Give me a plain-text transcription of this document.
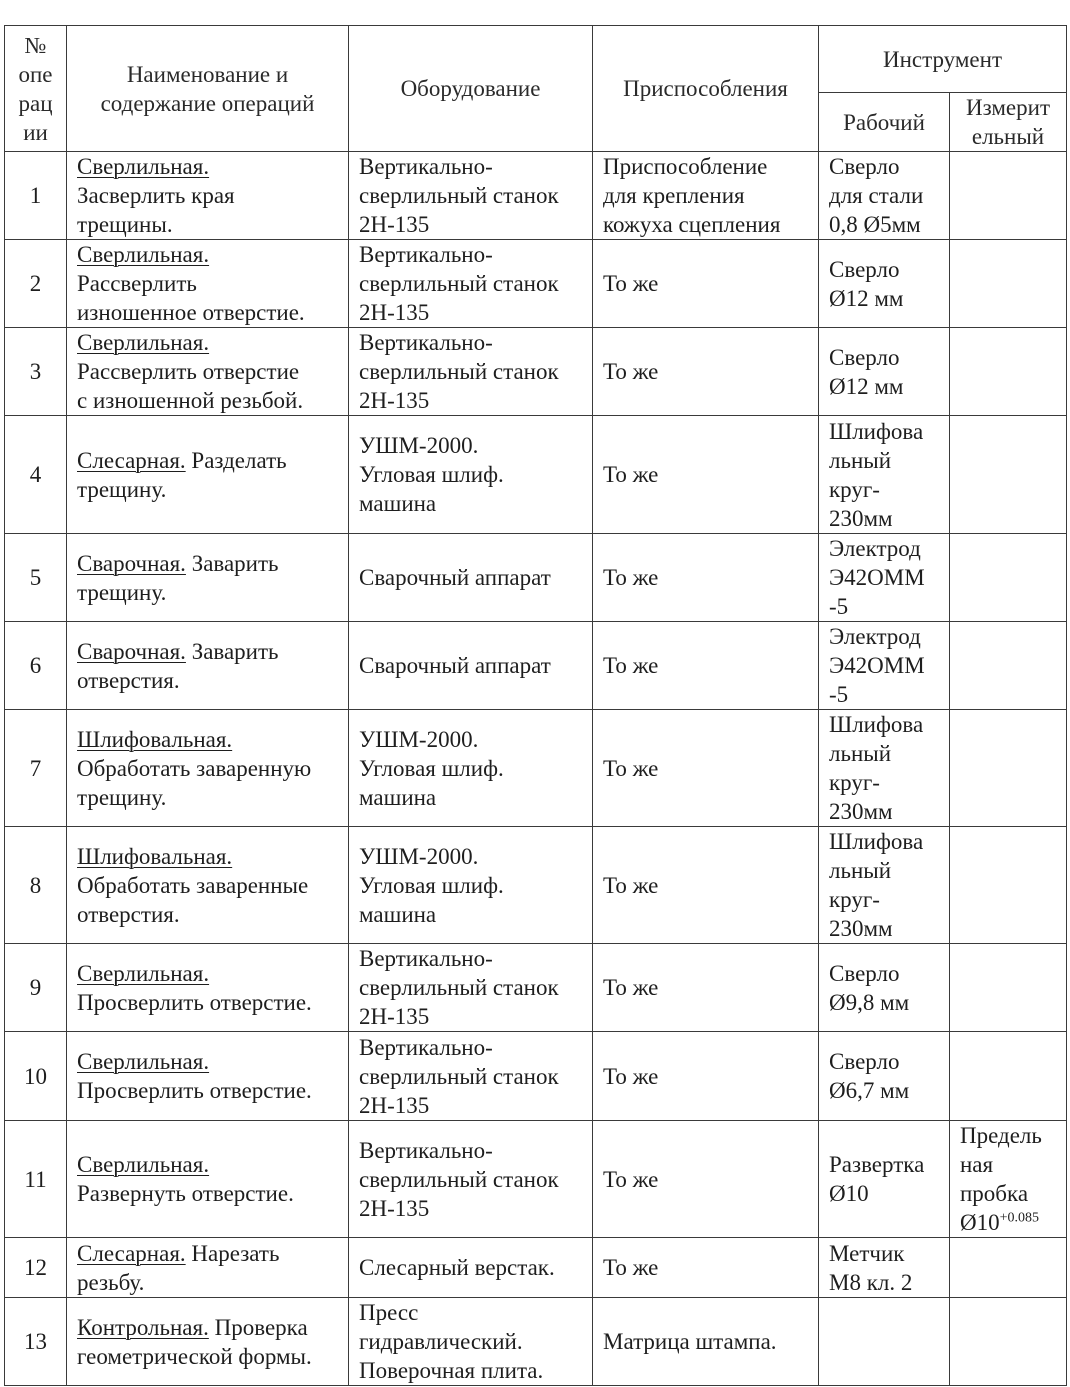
№
опе
рац
ии	Наименование и
содержание операций	Оборудование	Приспособления	Инструмент	
				Рабочий	Измерит
ельный

1	Сверлильная.
Засверлить края
трещины.	Вертикально-
сверлильный станок
2Н-135	Приспособление
для крепления
кожуха сцепления	Сверло
для стали
0,8 Ø5мм	

2	Сверлильная.
Рассверлить
изношенное отверстие.	Вертикально-
сверлильный станок
2Н-135	То же	Сверло
Ø12 мм	

3	Сверлильная.
Рассверлить отверстие
с изношенной резьбой.	Вертикально-
сверлильный станок
2Н-135	То же	Сверло
Ø12 мм	

4	Слесарная. Разделать
трещину.	УШМ-2000.
Угловая шлиф.
машина	То же	Шлифова
льный
круг-
230мм	

5	Сварочная. Заварить
трещину.	Сварочный аппарат	То же	Электрод
Э42ОММ
-5	

6	Сварочная. Заварить
отверстия.	Сварочный аппарат	То же	Электрод
Э42ОММ
-5	

7	Шлифовальная.
Обработать заваренную
трещину.	УШМ-2000.
Угловая шлиф.
машина	То же	Шлифова
льный
круг-
230мм	

8	Шлифовальная.
Обработать заваренные
отверстия.	УШМ-2000.
Угловая шлиф.
машина	То же	Шлифова
льный
круг-
230мм	

9	Сверлильная.
Просверлить отверстие.	Вертикально-
сверлильный станок
2Н-135	То же	Сверло
Ø9,8 мм	

10	Сверлильная.
Просверлить отверстие.	Вертикально-
сверлильный станок
2Н-135	То же	Сверло
Ø6,7 мм	

11	Сверлильная.
Развернуть отверстие.	Вертикально-
сверлильный станок
2Н-135	То же	Развертка
Ø10	Предель
ная
пробка
$Ø10^{+0.085}$

12	Слесарная. Нарезать
резьбу.	Слесарный верстак.	То же	Метчик
М8 кл. 2	

13	Контрольная. Проверка
геометрической формы.	Пресс
гидравлический.
Поверочная плита.	Матрица штампа.		
